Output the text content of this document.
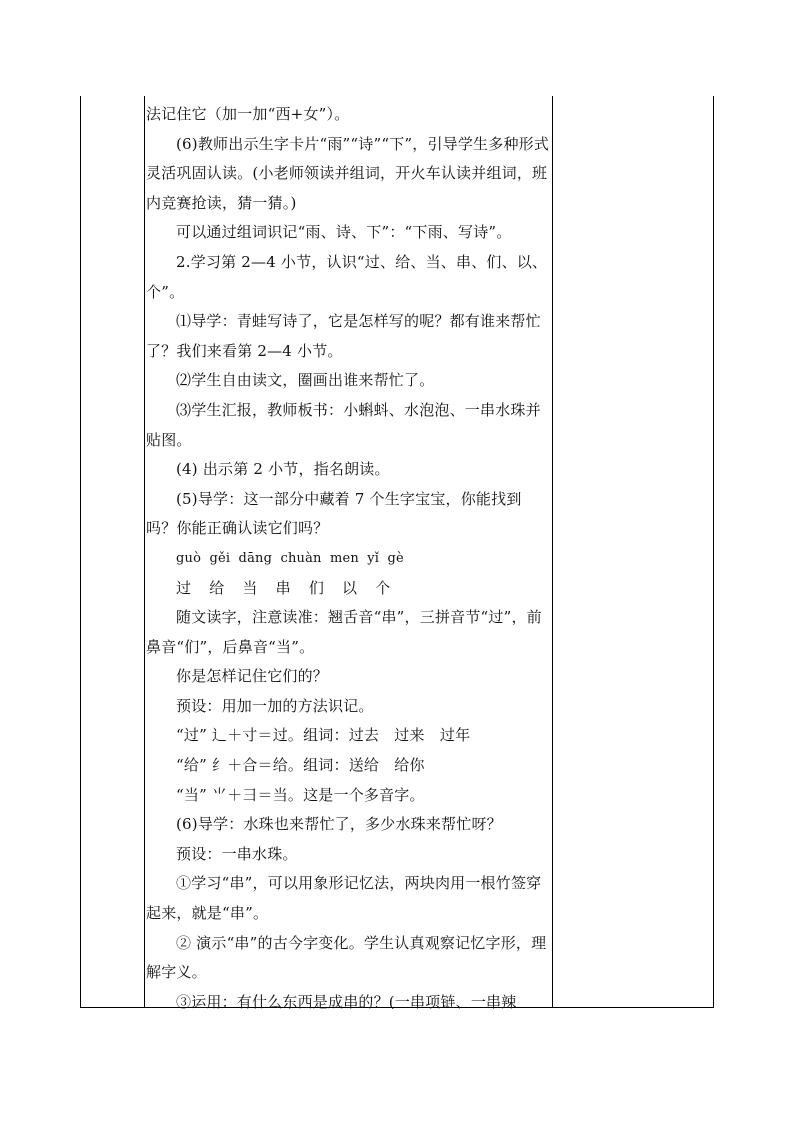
法记住它（加一加“西+女”）。

(6)教师出示生字卡片“雨”“诗”“下”，引导学生多种形式灵活巩固认读。(小老师领读并组词，开火车认读并组词，班内竞赛抢读，猜一猜。)

可以通过组词识记“雨、诗、下”：“下雨、写诗”。

2.学习第 2—4 小节，认识“过、给、当、串、们、以、个”。

⑴导学：青蛙写诗了，它是怎样写的呢？都有谁来帮忙了？我们来看第 2—4 小节。

⑵学生自由读文，圈画出谁来帮忙了。

⑶学生汇报，教师板书：小蝌蚪、水泡泡、一串水珠并贴图。

(4) 出示第 2 小节，指名朗读。

(5)导学：这一部分中藏着 7 个生字宝宝，你能找到吗？你能正确认读它们吗？

guò gěi dāng chuàn men yǐ gè

过 给 当 串 们 以 个

随文读字，注意读准：翘舌音“串”，三拼音节“过”，前鼻音“们”，后鼻音“当”。

你是怎样记住它们的？

预设：用加一加的方法识记。

“过” 辶＋寸＝过。组词：过去　过来　过年

“给” 纟＋合＝给。组词：送给　给你

“当” ⺌＋彐＝当。这是一个多音字。

(6)导学：水珠也来帮忙了，多少水珠来帮忙呀？

预设：一串水珠。

①学习“串”，可以用象形记忆法，两块肉用一根竹签穿起来，就是“串”。

② 演示“串”的古今字变化。学生认真观察记忆字形，理解字义。

③运用：有什么东西是成串的？(一串项链、一串辣
